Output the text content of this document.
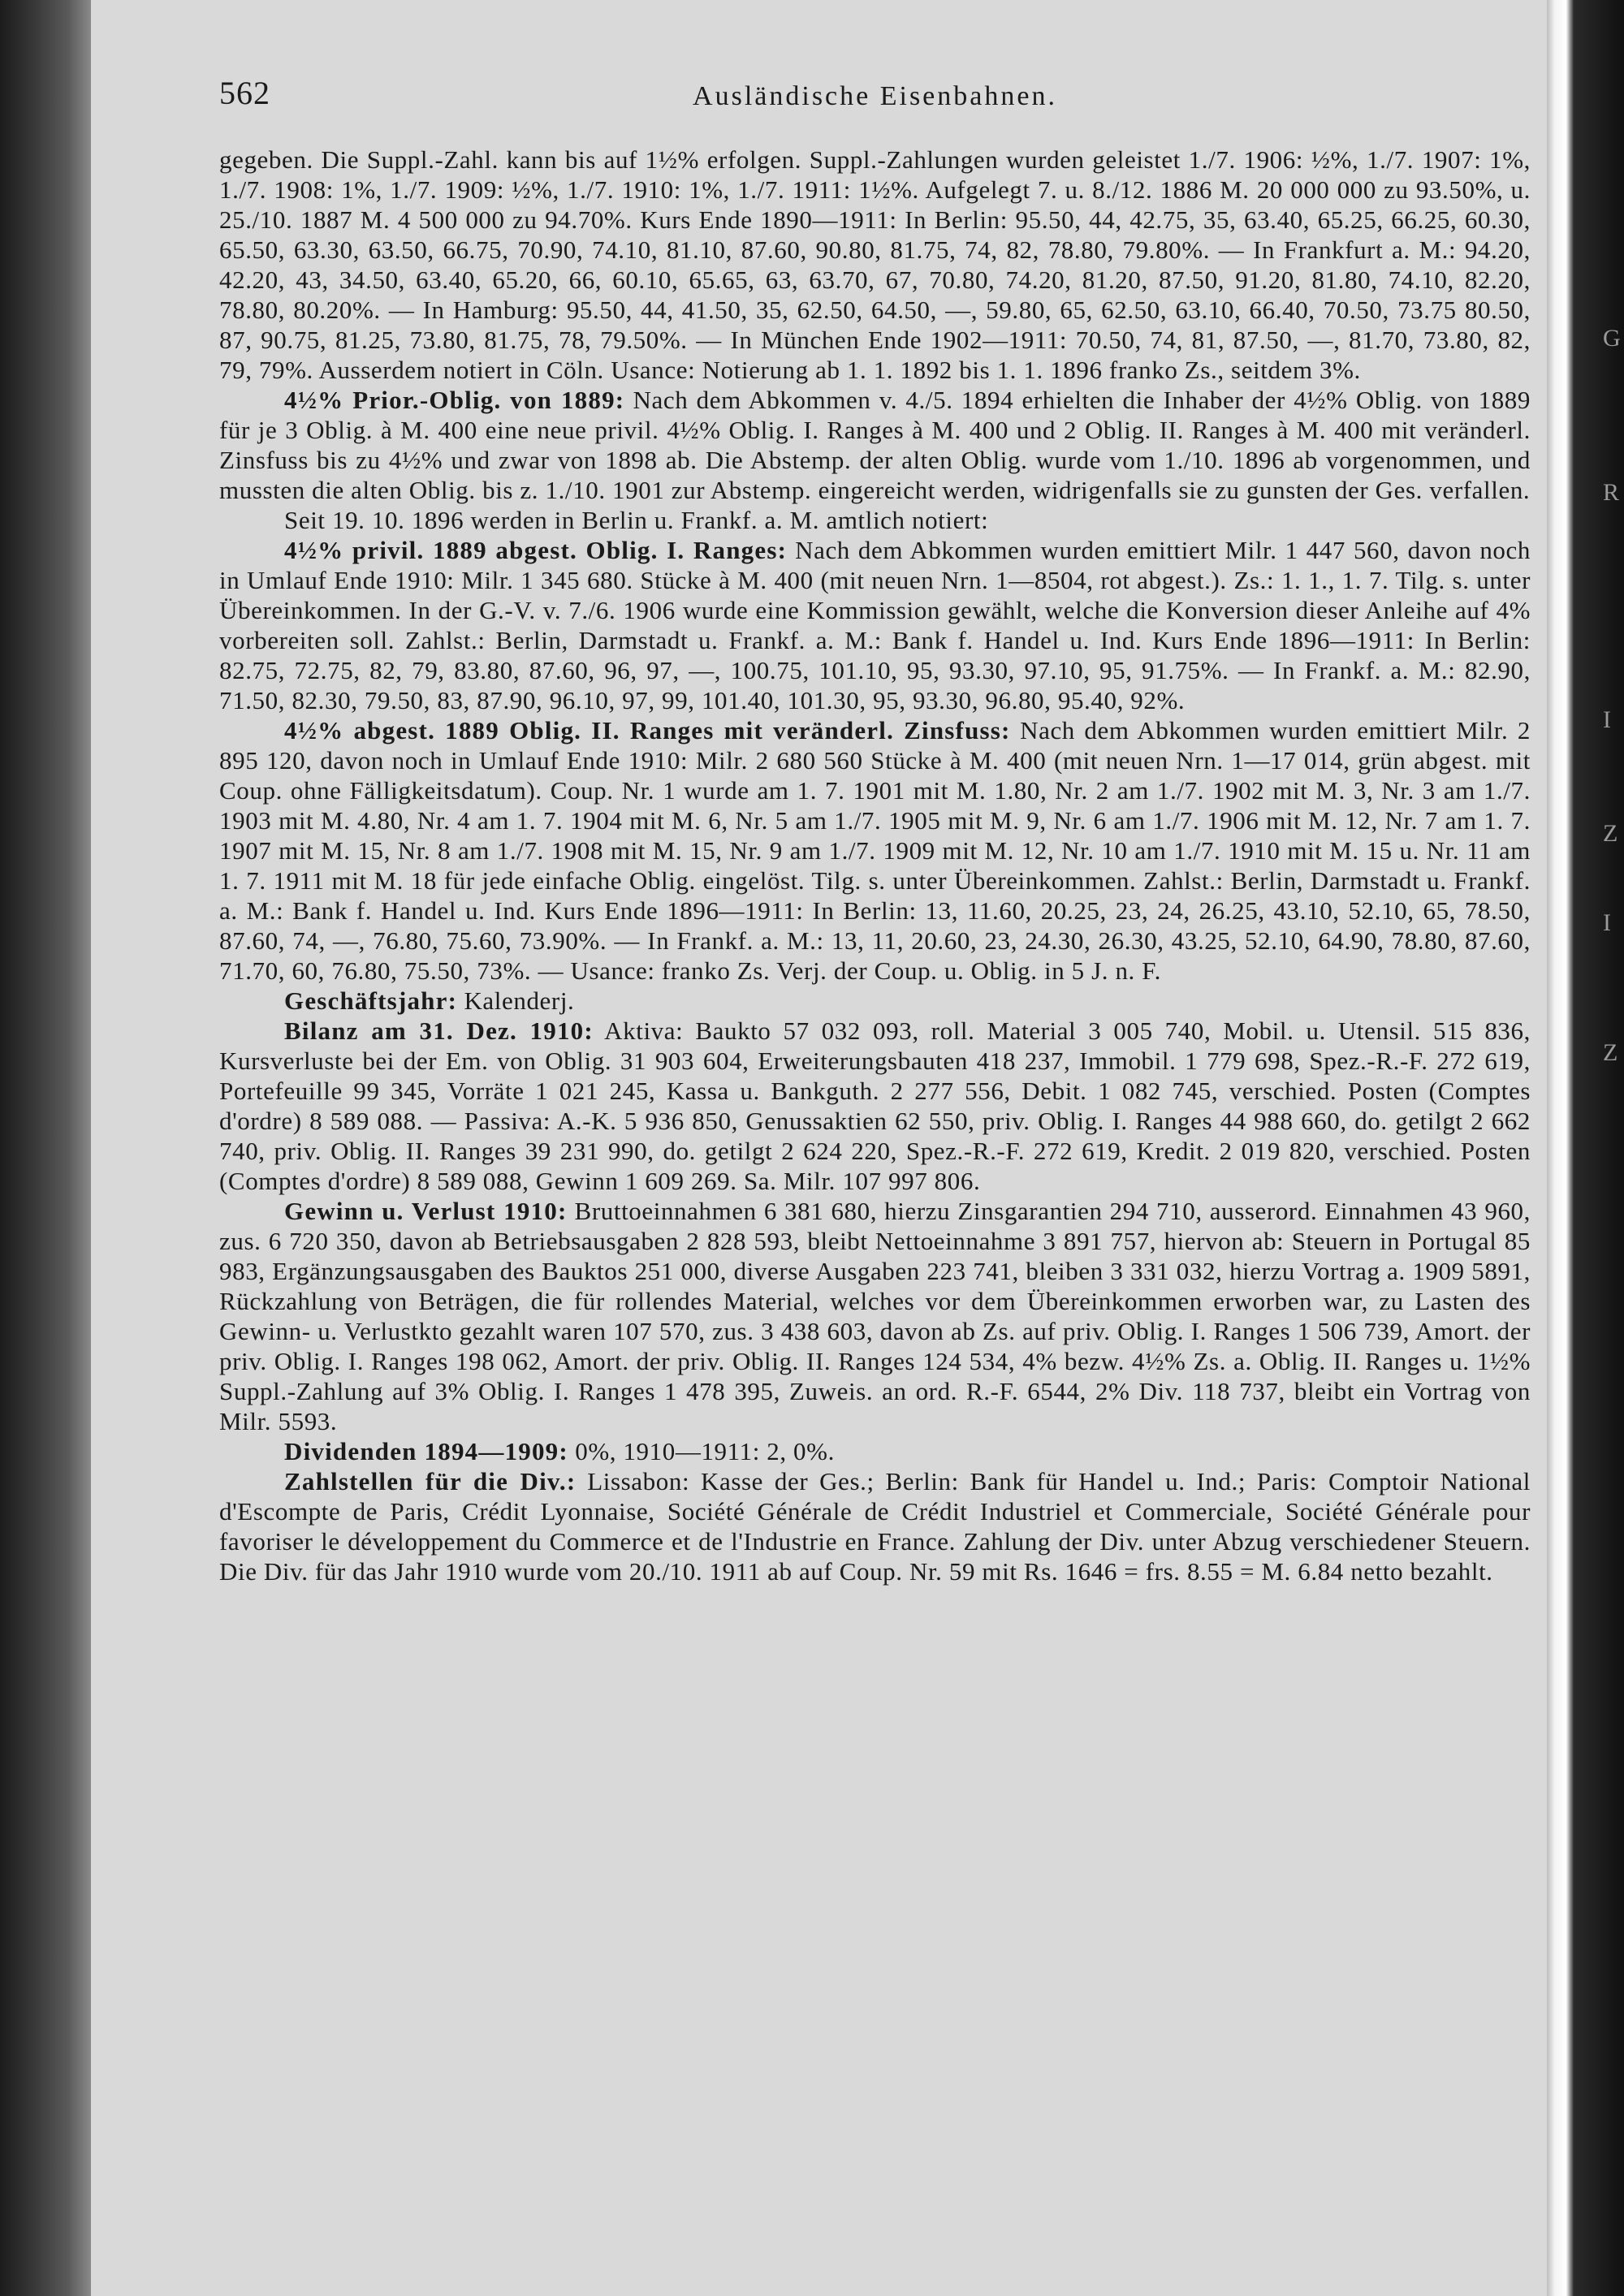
G
R
I
Z
I
Z
562	Ausländische Eisenbahnen.

gegeben. Die Suppl.-Zahl. kann bis auf 1½% erfolgen. Suppl.-Zahlungen wurden geleistet 1./7. 1906: ½%, 1./7. 1907: 1%, 1./7. 1908: 1%, 1./7. 1909: ½%, 1./7. 1910: 1%, 1./7. 1911: 1½%. Aufgelegt 7. u. 8./12. 1886 M. 20 000 000 zu 93.50%, u. 25./10. 1887 M. 4 500 000 zu 94.70%. Kurs Ende 1890—1911: In Berlin: 95.50, 44, 42.75, 35, 63.40, 65.25, 66.25, 60.30, 65.50, 63.30, 63.50, 66.75, 70.90, 74.10, 81.10, 87.60, 90.80, 81.75, 74, 82, 78.80, 79.80%. — In Frankfurt a. M.: 94.20, 42.20, 43, 34.50, 63.40, 65.20, 66, 60.10, 65.65, 63, 63.70, 67, 70.80, 74.20, 81.20, 87.50, 91.20, 81.80, 74.10, 82.20, 78.80, 80.20%. — In Hamburg: 95.50, 44, 41.50, 35, 62.50, 64.50, —, 59.80, 65, 62.50, 63.10, 66.40, 70.50, 73.75 80.50, 87, 90.75, 81.25, 73.80, 81.75, 78, 79.50%. — In München Ende 1902—1911: 70.50, 74, 81, 87.50, —, 81.70, 73.80, 82, 79, 79%. Ausserdem notiert in Cöln. Usance: Notierung ab 1. 1. 1892 bis 1. 1. 1896 franko Zs., seitdem 3%.

4½% Prior.-Oblig. von 1889: Nach dem Abkommen v. 4./5. 1894 erhielten die Inhaber der 4½% Oblig. von 1889 für je 3 Oblig. à M. 400 eine neue privil. 4½% Oblig. I. Ranges à M. 400 und 2 Oblig. II. Ranges à M. 400 mit veränderl. Zinsfuss bis zu 4½% und zwar von 1898 ab. Die Abstemp. der alten Oblig. wurde vom 1./10. 1896 ab vorgenommen, und mussten die alten Oblig. bis z. 1./10. 1901 zur Abstemp. eingereicht werden, widrigenfalls sie zu gunsten der Ges. verfallen.

Seit 19. 10. 1896 werden in Berlin u. Frankf. a. M. amtlich notiert:

4½% privil. 1889 abgest. Oblig. I. Ranges: Nach dem Abkommen wurden emittiert Milr. 1 447 560, davon noch in Umlauf Ende 1910: Milr. 1 345 680. Stücke à M. 400 (mit neuen Nrn. 1—8504, rot abgest.). Zs.: 1. 1., 1. 7. Tilg. s. unter Übereinkommen. In der G.-V. v. 7./6. 1906 wurde eine Kommission gewählt, welche die Konversion dieser Anleihe auf 4% vorbereiten soll. Zahlst.: Berlin, Darmstadt u. Frankf. a. M.: Bank f. Handel u. Ind. Kurs Ende 1896—1911: In Berlin: 82.75, 72.75, 82, 79, 83.80, 87.60, 96, 97, —, 100.75, 101.10, 95, 93.30, 97.10, 95, 91.75%. — In Frankf. a. M.: 82.90, 71.50, 82.30, 79.50, 83, 87.90, 96.10, 97, 99, 101.40, 101.30, 95, 93.30, 96.80, 95.40, 92%.

4½% abgest. 1889 Oblig. II. Ranges mit veränderl. Zinsfuss: Nach dem Abkommen wurden emittiert Milr. 2 895 120, davon noch in Umlauf Ende 1910: Milr. 2 680 560 Stücke à M. 400 (mit neuen Nrn. 1—17 014, grün abgest. mit Coup. ohne Fälligkeitsdatum). Coup. Nr. 1 wurde am 1. 7. 1901 mit M. 1.80, Nr. 2 am 1./7. 1902 mit M. 3, Nr. 3 am 1./7. 1903 mit M. 4.80, Nr. 4 am 1. 7. 1904 mit M. 6, Nr. 5 am 1./7. 1905 mit M. 9, Nr. 6 am 1./7. 1906 mit M. 12, Nr. 7 am 1. 7. 1907 mit M. 15, Nr. 8 am 1./7. 1908 mit M. 15, Nr. 9 am 1./7. 1909 mit M. 12, Nr. 10 am 1./7. 1910 mit M. 15 u. Nr. 11 am 1. 7. 1911 mit M. 18 für jede einfache Oblig. eingelöst. Tilg. s. unter Übereinkommen. Zahlst.: Berlin, Darmstadt u. Frankf. a. M.: Bank f. Handel u. Ind. Kurs Ende 1896—1911: In Berlin: 13, 11.60, 20.25, 23, 24, 26.25, 43.10, 52.10, 65, 78.50, 87.60, 74, —, 76.80, 75.60, 73.90%. — In Frankf. a. M.: 13, 11, 20.60, 23, 24.30, 26.30, 43.25, 52.10, 64.90, 78.80, 87.60, 71.70, 60, 76.80, 75.50, 73%. — Usance: franko Zs. Verj. der Coup. u. Oblig. in 5 J. n. F.

Geschäftsjahr: Kalenderj.

Bilanz am 31. Dez. 1910: Aktiva: Baukto 57 032 093, roll. Material 3 005 740, Mobil. u. Utensil. 515 836, Kursverluste bei der Em. von Oblig. 31 903 604, Erweiterungsbauten 418 237, Immobil. 1 779 698, Spez.-R.-F. 272 619, Portefeuille 99 345, Vorräte 1 021 245, Kassa u. Bankguth. 2 277 556, Debit. 1 082 745, verschied. Posten (Comptes d'ordre) 8 589 088. — Passiva: A.-K. 5 936 850, Genussaktien 62 550, priv. Oblig. I. Ranges 44 988 660, do. getilgt 2 662 740, priv. Oblig. II. Ranges 39 231 990, do. getilgt 2 624 220, Spez.-R.-F. 272 619, Kredit. 2 019 820, verschied. Posten (Comptes d'ordre) 8 589 088, Gewinn 1 609 269. Sa. Milr. 107 997 806.

Gewinn u. Verlust 1910: Bruttoeinnahmen 6 381 680, hierzu Zinsgarantien 294 710, ausserord. Einnahmen 43 960, zus. 6 720 350, davon ab Betriebsausgaben 2 828 593, bleibt Nettoeinnahme 3 891 757, hiervon ab: Steuern in Portugal 85 983, Ergänzungsausgaben des Bauktos 251 000, diverse Ausgaben 223 741, bleiben 3 331 032, hierzu Vortrag a. 1909 5891, Rückzahlung von Beträgen, die für rollendes Material, welches vor dem Übereinkommen erworben war, zu Lasten des Gewinn- u. Verlustkto gezahlt waren 107 570, zus. 3 438 603, davon ab Zs. auf priv. Oblig. I. Ranges 1 506 739, Amort. der priv. Oblig. I. Ranges 198 062, Amort. der priv. Oblig. II. Ranges 124 534, 4% bezw. 4½% Zs. a. Oblig. II. Ranges u. 1½% Suppl.-Zahlung auf 3% Oblig. I. Ranges 1 478 395, Zuweis. an ord. R.-F. 6544, 2% Div. 118 737, bleibt ein Vortrag von Milr. 5593.

Dividenden 1894—1909: 0%, 1910—1911: 2, 0%.

Zahlstellen für die Div.: Lissabon: Kasse der Ges.; Berlin: Bank für Handel u. Ind.; Paris: Comptoir National d'Escompte de Paris, Crédit Lyonnaise, Société Générale de Crédit Industriel et Commerciale, Société Générale pour favoriser le développement du Commerce et de l'Industrie en France. Zahlung der Div. unter Abzug verschiedener Steuern. Die Div. für das Jahr 1910 wurde vom 20./10. 1911 ab auf Coup. Nr. 59 mit Rs. 1646 = frs. 8.55 = M. 6.84 netto bezahlt.
